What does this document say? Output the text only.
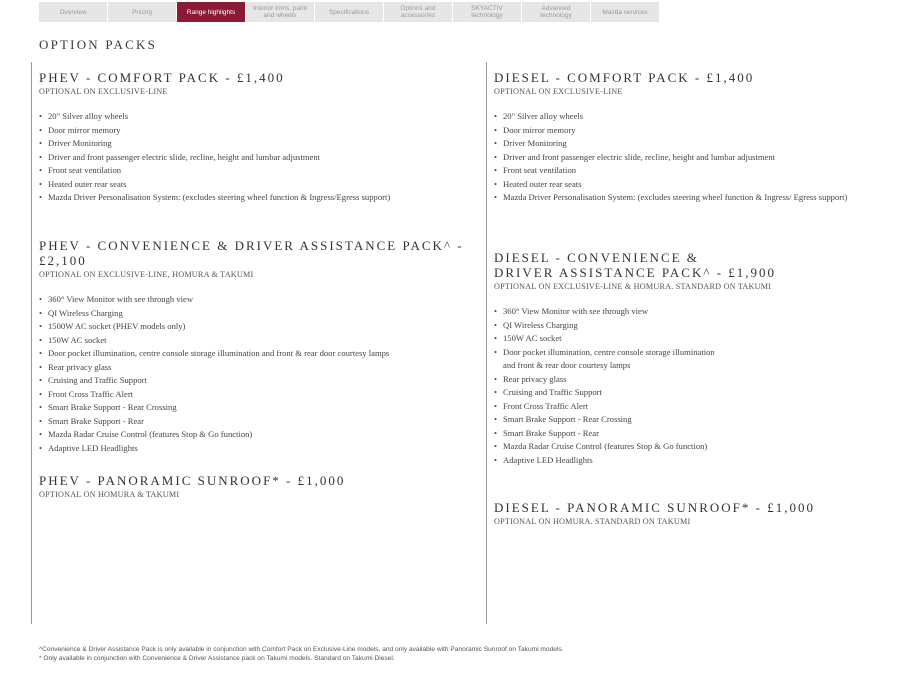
Overview	Pricing	Range highlights	Interior trims, paint and wheels	Specifications	Options and accessories
SKYACTIV technology
Advanced technology	Mazda services
OPTION PACKS
PHEV - COMFORT PACK - £1,400
OPTIONAL ON EXCLUSIVE-LINE
• 20" Silver alloy wheels
• Door mirror memory
• Driver Monitoring
• Driver and front passenger electric slide, recline, height and lumbar adjustment
• Front seat ventilation
• Heated outer rear seats
• Mazda Driver Personalisation System: (excludes steering wheel function & Ingress/Egress support)
PHEV - CONVENIENCE & DRIVER ASSISTANCE PACK^ - £2,100
OPTIONAL ON EXCLUSIVE-LINE, HOMURA & TAKUMI
• 360° View Monitor with see through view
• QI Wireless Charging
• 1500W AC socket (PHEV models only)
• 150W AC socket
• Door pocket illumination, centre console storage illumination and front & rear door courtesy lamps
• Rear privacy glass
• Cruising and Traffic Support
• Front Cross Traffic Alert
• Smart Brake Support - Rear Crossing
• Smart Brake Support - Rear
• Mazda Radar Cruise Control (features Stop & Go function)
• Adaptive LED Headlights
PHEV - PANORAMIC SUNROOF* - £1,000
OPTIONAL ON HOMURA & TAKUMI
DIESEL - COMFORT PACK - £1,400
OPTIONAL ON EXCLUSIVE-LINE
• 20" Silver alloy wheels
• Door mirror memory
• Driver Monitoring
• Driver and front passenger electric slide, recline, height and lumbar adjustment
• Front seat ventilation
• Heated outer rear seats
• Mazda Driver Personalisation System: (excludes steering wheel function & Ingress/ Egress support)
DIESEL - CONVENIENCE &
DRIVER ASSISTANCE PACK^ - £1,900
OPTIONAL ON EXCLUSIVE-LINE & HOMURA. STANDARD ON TAKUMI
• 360° View Monitor with see through view
• QI Wireless Charging
• 150W AC socket
• Door pocket illumination, centre console storage illumination and front & rear door courtesy lamps
• Rear privacy glass
• Cruising and Traffic Support
• Front Cross Traffic Alert
• Smart Brake Support - Rear Crossing
• Smart Brake Support - Rear
• Mazda Radar Cruise Control (features Stop & Go function)
• Adaptive LED Headlights
DIESEL - PANORAMIC SUNROOF* - £1,000
OPTIONAL ON HOMURA. STANDARD ON TAKUMI
^Convenience & Driver Assistance Pack is only available in conjunction with Comfort Pack on Exclusive-Line models, and only available with Panoramic Sunroof on Takumi models.
* Only available in conjunction with Convenience & Driver Assistance pack on Takumi models. Standard on Takumi Diesel.
